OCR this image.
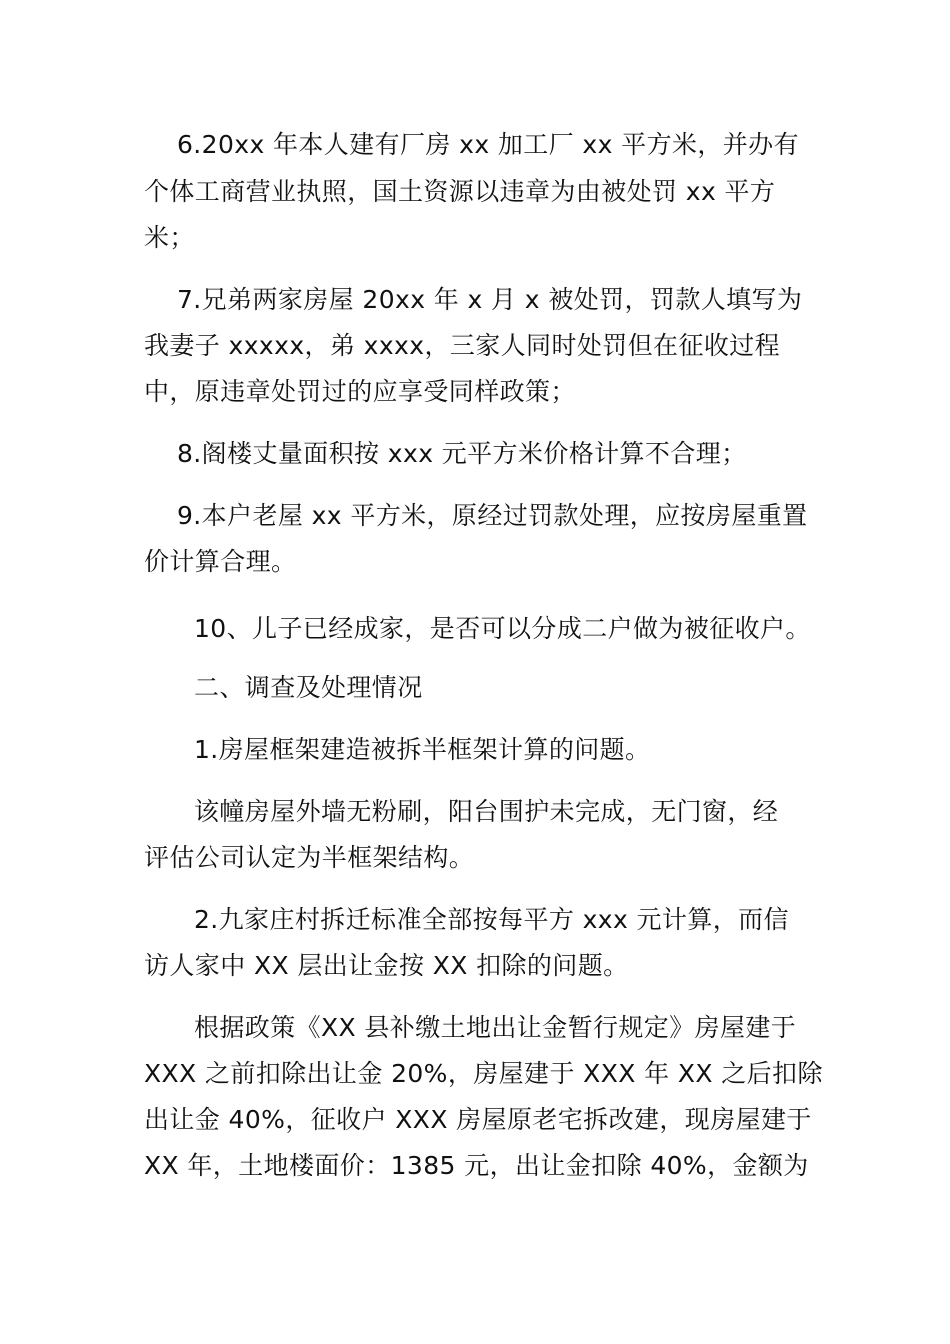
6.20xx 年本人建有厂房 xx 加工厂 xx 平方米，并办有
个体工商营业执照，国土资源以违章为由被处罚 xx 平方
米；
7.兄弟两家房屋 20xx 年 x 月 x 被处罚，罚款人填写为
我妻子 xxxxx，弟 xxxx，三家人同时处罚但在征收过程
中，原违章处罚过的应享受同样政策；
8.阁楼丈量面积按 xxx 元平方米价格计算不合理；
9.本户老屋 xx 平方米，原经过罚款处理，应按房屋重置
价计算合理。
10、儿子已经成家，是否可以分成二户做为被征收户。
二、调查及处理情况
1.房屋框架建造被拆半框架计算的问题。
该幢房屋外墙无粉刷，阳台围护未完成，无门窗，经
评估公司认定为半框架结构。
2.九家庄村拆迁标准全部按每平方 xxx 元计算，而信
访人家中 XX 层出让金按 XX 扣除的问题。
根据政策《XX 县补缴土地出让金暂行规定》房屋建于
XXX 之前扣除出让金 20%，房屋建于 XXX 年 XX 之后扣除
出让金 40%，征收户 XXX 房屋原老宅拆改建，现房屋建于
XX 年，土地楼面价：1385 元，出让金扣除 40%，金额为
